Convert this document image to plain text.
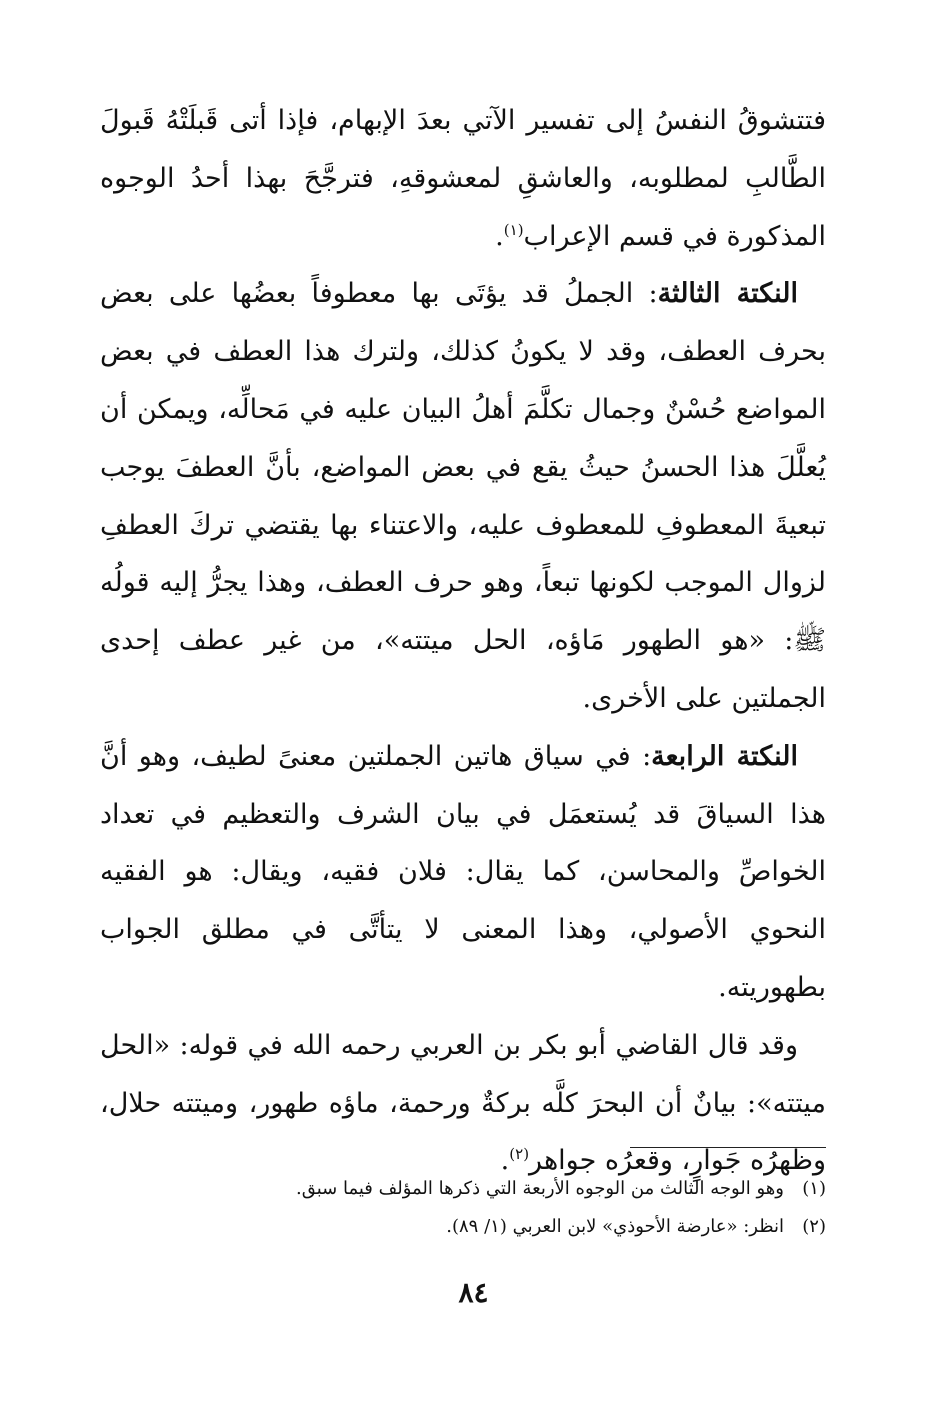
فتتشوقُ النفسُ إلى تفسير الآتي بعدَ الإبهام، فإذا أتى قَبلَتْهُ قَبولَ الطَّالبِ لمطلوبه، والعاشقِ لمعشوقهِ، فترجَّحَ بهذا أحدُ الوجوه المذكورة في قسم الإعراب$^{(١)}$.

النكتة الثالثة: الجملُ قد يؤتَى بها معطوفاً بعضُها على بعض بحرف العطف، وقد لا يكونُ كذلك، ولترك هذا العطف في بعض المواضع حُسْنٌ وجمال تكلَّمَ أهلُ البيان عليه في مَحالِّه، ويمكن أن يُعلَّلَ هذا الحسنُ حيثُ يقع في بعض المواضع، بأنَّ العطفَ يوجب تبعيةَ المعطوفِ للمعطوف عليه، والاعتناء بها يقتضي تركَ العطفِ لزوال الموجب لكونها تبعاً، وهو حرف العطف، وهذا يجرُّ إليه قولُه ﷺ: «هو الطهور مَاؤه، الحل ميتته»، من غير عطف إحدى الجملتين على الأخرى.

النكتة الرابعة: في سياق هاتين الجملتين معنىً لطيف، وهو أنَّ هذا السياقَ قد يُستعمَل في بيان الشرف والتعظيم في تعداد الخواصِّ والمحاسن، كما يقال: فلان فقيه، ويقال: هو الفقيه النحوي الأصولي، وهذا المعنى لا يتأتَّى في مطلق الجواب بطهوريته.

وقد قال القاضي أبو بكر بن العربي رحمه الله في قوله: «الحل ميتته»: بيانٌ أن البحرَ كلَّه بركةٌ ورحمة، ماؤه طهور، وميتته حلال، وظهرُه جَوارٍ، وقعرُه جواهر$^{(٢)}$.

(١)وهو الوجه الثالث من الوجوه الأربعة التي ذكرها المؤلف فيما سبق.

(٢)انظر: «عارضة الأحوذي» لابن العربي (١/ ٨٩).

٨٤
